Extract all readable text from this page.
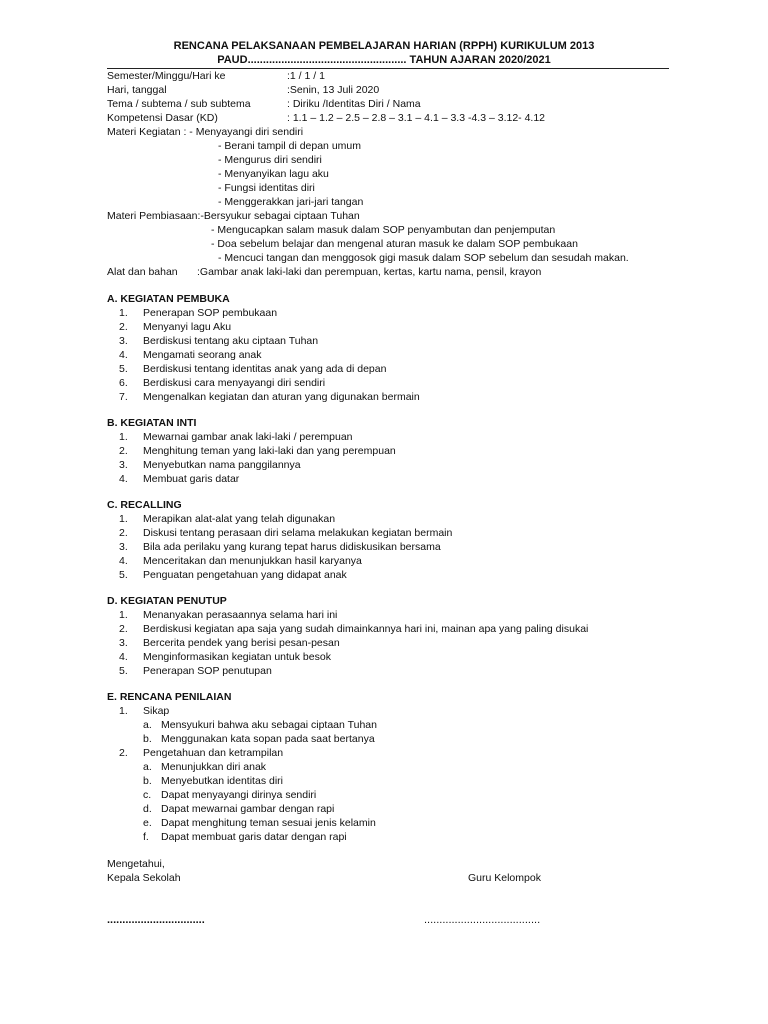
RENCANA PELAKSANAAN PEMBELAJARAN HARIAN (RPPH) KURIKULUM 2013
PAUD.................................................... TAHUN AJARAN 2020/2021
Semester/Minggu/Hari ke	:1 / 1 / 1
Hari, tanggal	:Senin, 13 Juli 2020
Tema / subtema / sub subtema	: Diriku /Identitas Diri / Nama
Kompetensi Dasar (KD)	: 1.1 – 1.2 – 2.5 – 2.8 – 3.1 – 4.1 – 3.3 -4.3 – 3.12- 4.12
Materi Kegiatan : - Menyayangi diri sendiri
- Berani tampil di depan umum
- Mengurus diri sendiri
- Menyanyikan lagu aku
- Fungsi identitas diri
- Menggerakkan jari-jari tangan
Materi Pembiasaan:-Bersyukur sebagai ciptaan Tuhan
- Mengucapkan salam masuk dalam SOP penyambutan dan penjemputan
- Doa sebelum belajar dan mengenal aturan masuk ke dalam SOP pembukaan
- Mencuci tangan dan menggosok gigi masuk dalam SOP sebelum dan sesudah makan.
Alat dan bahan :Gambar anak laki-laki dan perempuan, kertas, kartu nama, pensil, krayon
A. KEGIATAN PEMBUKA
1.	Penerapan SOP pembukaan
2.	Menyanyi lagu Aku
3.	Berdiskusi tentang aku ciptaan Tuhan
4.	Mengamati seorang anak
5.	Berdiskusi tentang identitas anak yang ada di depan
6.	Berdiskusi cara menyayangi diri sendiri
7.	Mengenalkan kegiatan dan aturan yang digunakan bermain
B. KEGIATAN INTI
1.	Mewarnai gambar anak laki-laki / perempuan
2.	Menghitung teman yang laki-laki dan yang perempuan
3.	Menyebutkan nama panggilannya
4.	Membuat garis datar
C. RECALLING
1.	Merapikan alat-alat yang telah digunakan
2.	Diskusi tentang perasaan diri selama melakukan kegiatan bermain
3.	Bila ada perilaku yang kurang tepat harus didiskusikan bersama
4.	Menceritakan dan menunjukkan hasil karyanya
5.	Penguatan pengetahuan yang didapat anak
D. KEGIATAN PENUTUP
1.	Menanyakan perasaannya selama hari ini
2.	Berdiskusi kegiatan apa saja yang sudah dimainkannya hari ini, mainan apa yang paling disukai
3.	Bercerita pendek yang berisi pesan-pesan
4.	Menginformasikan kegiatan untuk besok
5.	Penerapan SOP penutupan
E. RENCANA PENILAIAN
1.	Sikap
a. Mensyukuri bahwa aku sebagai ciptaan Tuhan
b. Menggunakan kata sopan pada saat bertanya
2.	Pengetahuan dan ketrampilan
a. Menunjukkan diri anak
b. Menyebutkan identitas diri
c. Dapat menyayangi dirinya sendiri
d. Dapat mewarnai gambar dengan rapi
e. Dapat menghitung teman sesuai jenis kelamin
f.	Dapat membuat garis datar dengan rapi
Mengetahui,
Kepala Sekolah	Guru Kelompok
................................	......................................
